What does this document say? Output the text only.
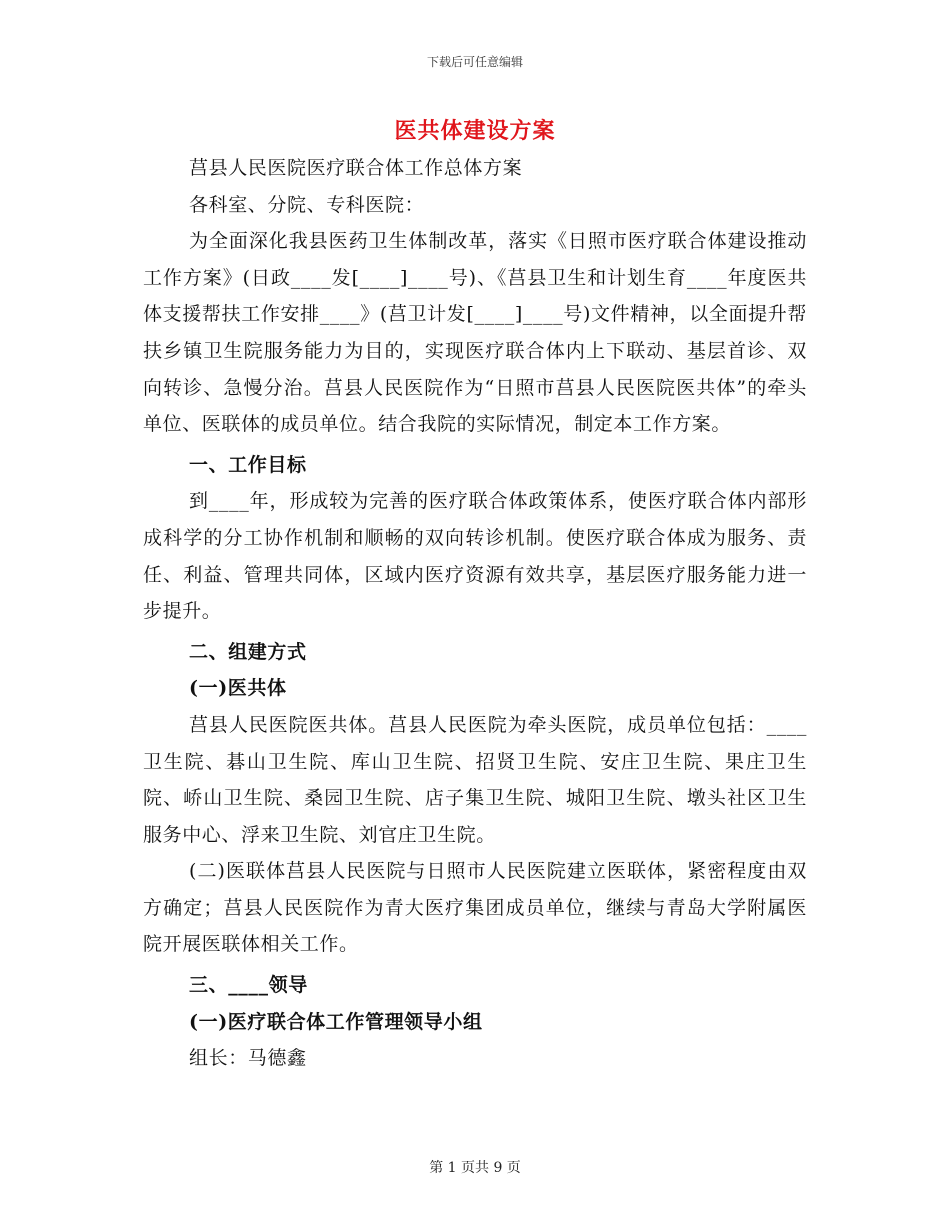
下载后可任意编辑
医共体建设方案

莒县人民医院医疗联合体工作总体方案

各科室、分院、专科医院：

为全面深化我县医药卫生体制改革，落实《日照市医疗联合体建设推动工作方案》(日政____发[____]____号)、《莒县卫生和计划生育____年度医共体支援帮扶工作安排____》(莒卫计发[____]____号)文件精神，以全面提升帮扶乡镇卫生院服务能力为目的，实现医疗联合体内上下联动、基层首诊、双向转诊、急慢分治。莒县人民医院作为“日照市莒县人民医院医共体”的牵头单位、医联体的成员单位。结合我院的实际情况，制定本工作方案。

一、工作目标

到____年，形成较为完善的医疗联合体政策体系，使医疗联合体内部形成科学的分工协作机制和顺畅的双向转诊机制。使医疗联合体成为服务、责任、利益、管理共同体，区域内医疗资源有效共享，基层医疗服务能力进一步提升。

二、组建方式

(一)医共体

莒县人民医院医共体。莒县人民医院为牵头医院，成员单位包括：____卫生院、碁山卫生院、库山卫生院、招贤卫生院、安庄卫生院、果庄卫生院、峤山卫生院、桑园卫生院、店子集卫生院、城阳卫生院、墩头社区卫生服务中心、浮来卫生院、刘官庄卫生院。

(二)医联体莒县人民医院与日照市人民医院建立医联体，紧密程度由双方确定；莒县人民医院作为青大医疗集团成员单位，继续与青岛大学附属医院开展医联体相关工作。

三、____领导

(一)医疗联合体工作管理领导小组

组长：马德鑫

第 1 页共 9 页
